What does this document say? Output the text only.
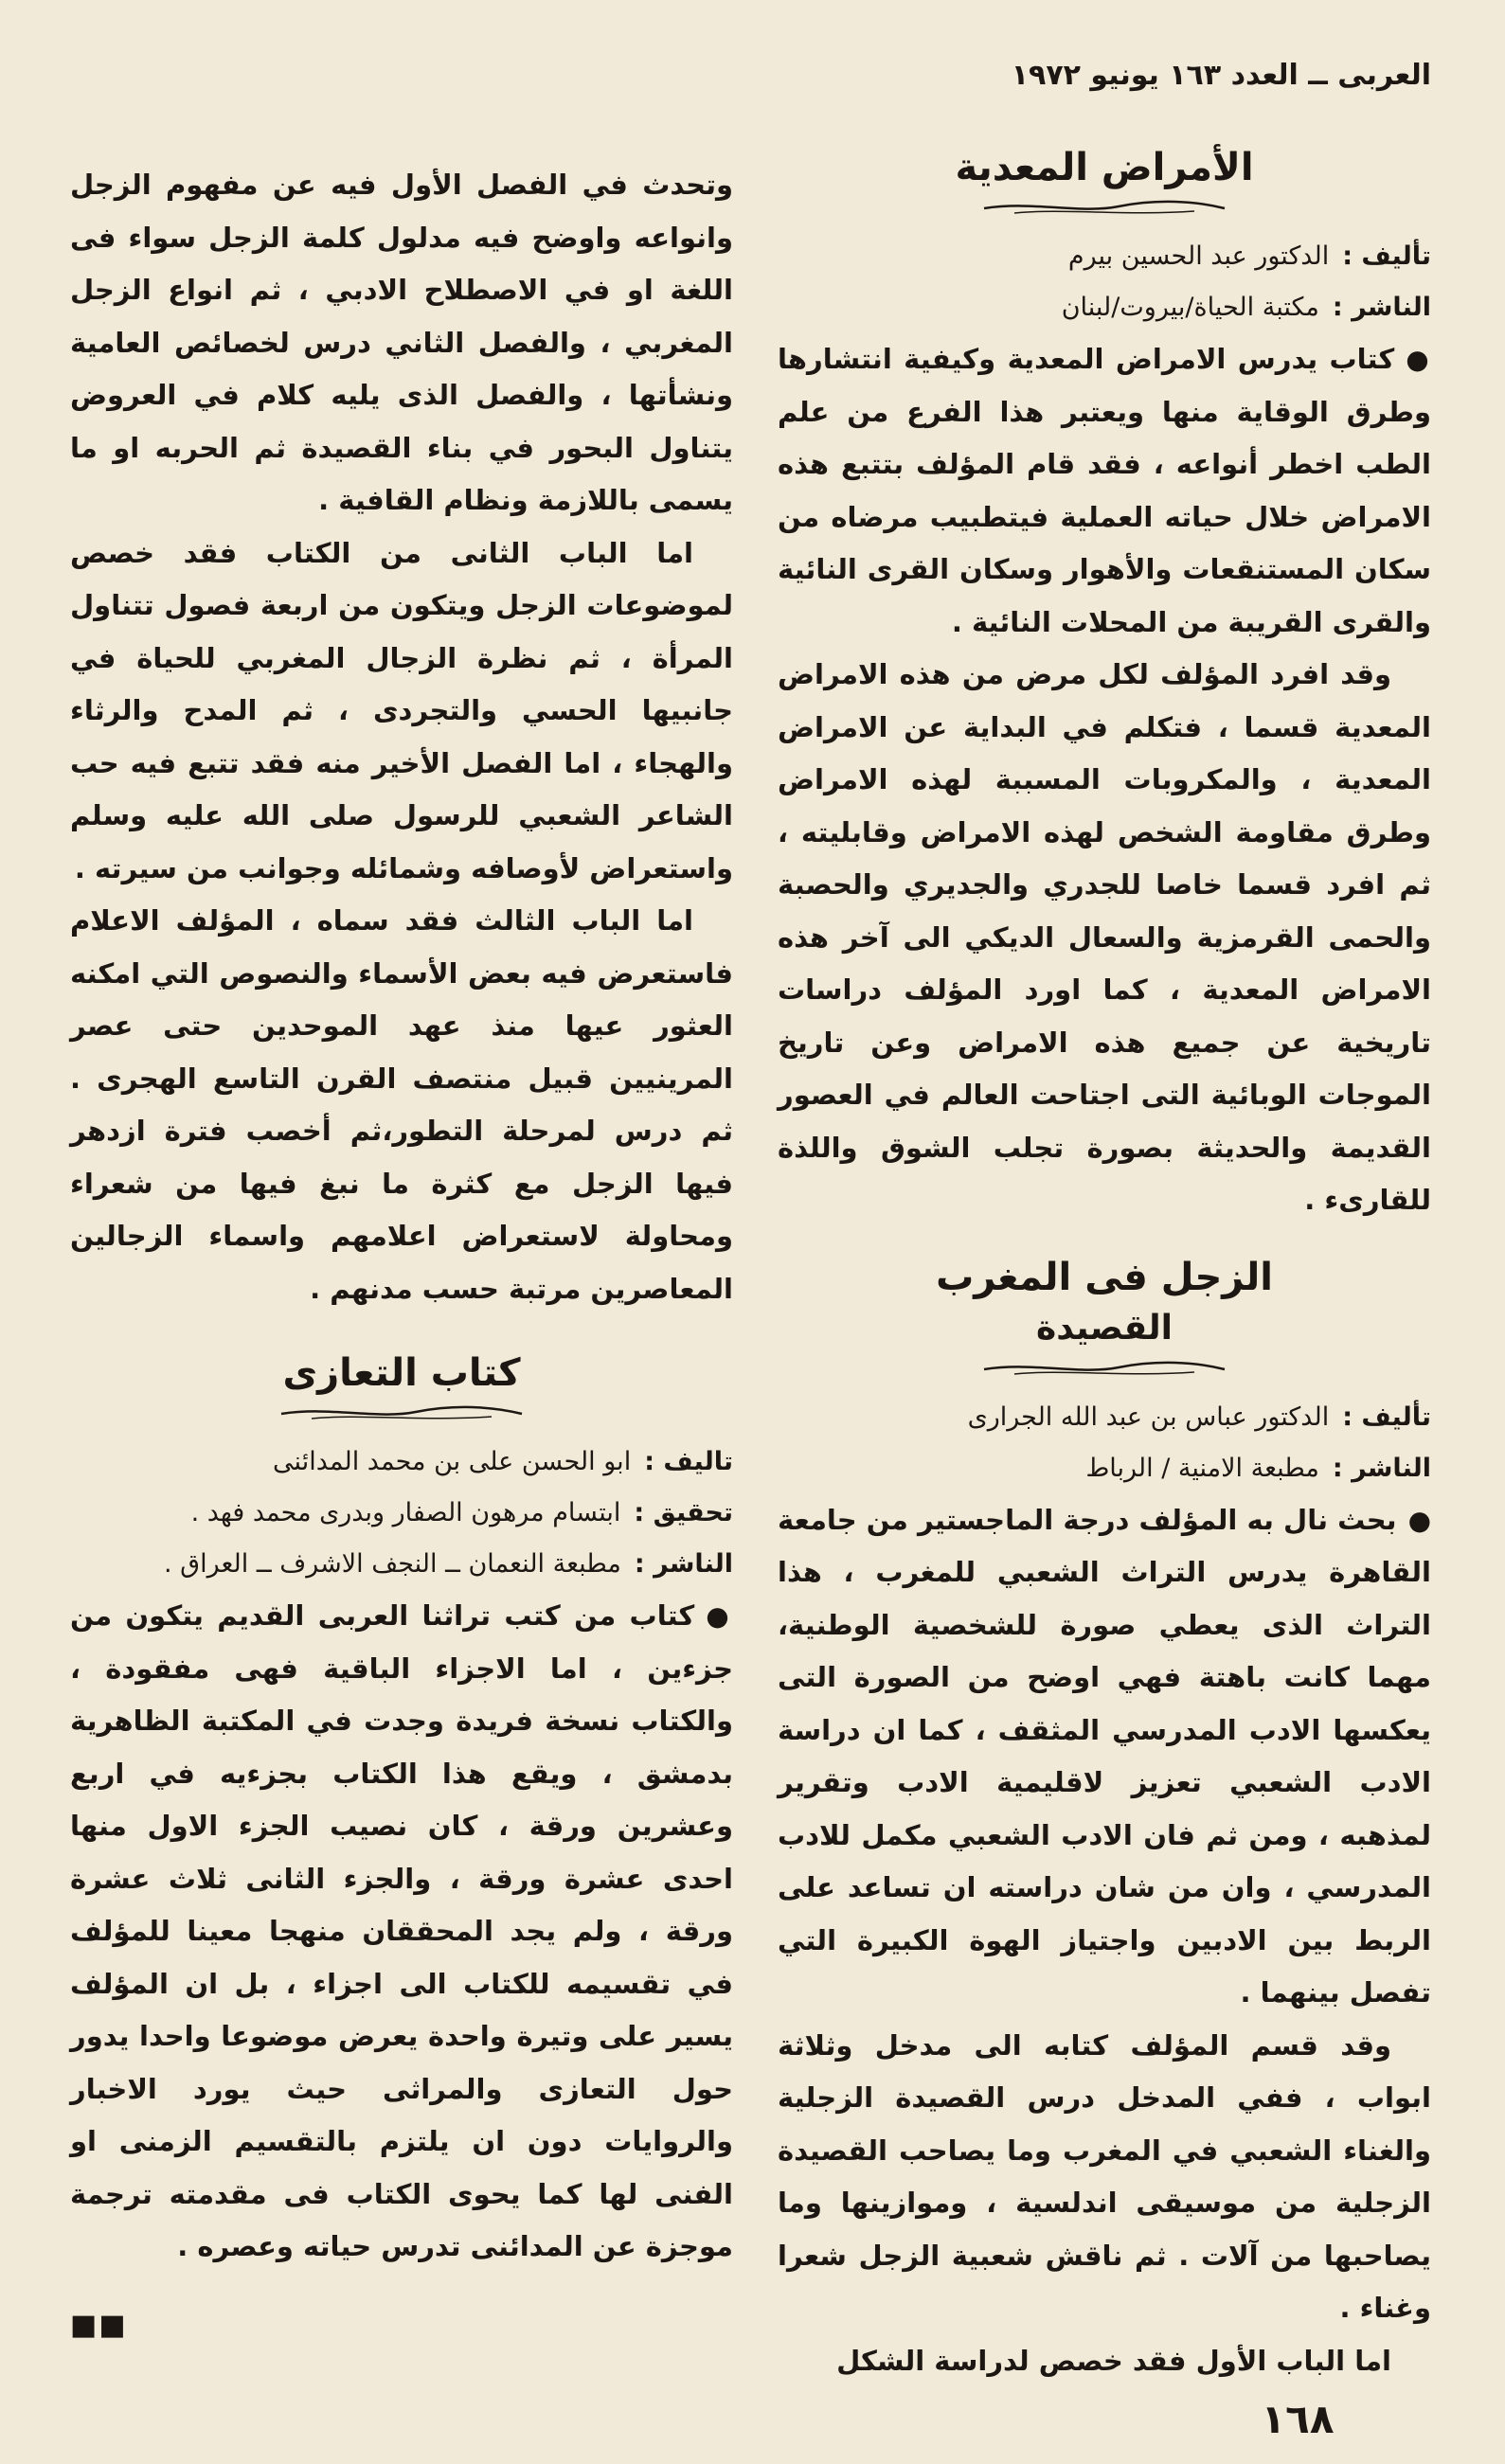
العربى ــ العدد ١٦٣ يونيو ١٩٧٢
الأمراض المعدية

تأليف :الدكتور عبد الحسين بيرم

الناشر :مكتبة الحياة/بيروت/لبنان

●كتاب يدرس الامراض المعدية وكيفية انتشارها وطرق الوقاية منها ويعتبر هذا الفرع من علم الطب اخطر أنواعه ، فقد قام المؤلف بتتبع هذه الامراض خلال حياته العملية فيتطبيب مرضاه من سكان المستنقعات والأهوار وسكان القرى النائية والقرى القريبة من المحلات النائية .

وقد افرد المؤلف لكل مرض من هذه الامراض المعدية قسما ، فتكلم في البداية عن الامراض المعدية ، والمكروبات المسببة لهذه الامراض وطرق مقاومة الشخص لهذه الامراض وقابليته ، ثم افرد قسما خاصا للجدري والجديري والحصبة والحمى القرمزية والسعال الديكي الى آخر هذه الامراض المعدية ، كما اورد المؤلف دراسات تاريخية عن جميع هذه الامراض وعن تاريخ الموجات الوبائية التى اجتاحت العالم في العصور القديمة والحديثة بصورة تجلب الشوق واللذة للقارىء .

الزجل فى المغرب
القصيدة

تأليف :الدكتور عباس بن عبد الله الجرارى

الناشر :مطبعة الامنية / الرباط

●بحث نال به المؤلف درجة الماجستير من جامعة القاهرة يدرس التراث الشعبي للمغرب ، هذا التراث الذى يعطي صورة للشخصية الوطنية، مهما كانت باهتة فهي اوضح من الصورة التى يعكسها الادب المدرسي المثقف ، كما ان دراسة الادب الشعبي تعزيز لاقليمية الادب وتقرير لمذهبه ، ومن ثم فان الادب الشعبي مكمل للادب المدرسي ، وان من شان دراسته ان تساعد على الربط بين الادبين واجتياز الهوة الكبيرة التي تفصل بينهما .

وقد قسم المؤلف كتابه الى مدخل وثلاثة ابواب ، ففي المدخل درس القصيدة الزجلية والغناء الشعبي في المغرب وما يصاحب القصيدة الزجلية من موسيقى اندلسية ، وموازينها وما يصاحبها من آلات . ثم ناقش شعبية الزجل شعرا وغناء .

اما الباب الأول فقد خصص لدراسة الشكل

وتحدث في الفصل الأول فيه عن مفهوم الزجل وانواعه واوضح فيه مدلول كلمة الزجل سواء فى اللغة او في الاصطلاح الادبي ، ثم انواع الزجل المغربي ، والفصل الثاني درس لخصائص العامية ونشأتها ، والفصل الذى يليه كلام في العروض يتناول البحور في بناء القصيدة ثم الحربه او ما يسمى باللازمة ونظام القافية .

اما الباب الثانى من الكتاب فقد خصص لموضوعات الزجل ويتكون من اربعة فصول تتناول المرأة ، ثم نظرة الزجال المغربي للحياة في جانبيها الحسي والتجردى ، ثم المدح والرثاء والهجاء ، اما الفصل الأخير منه فقد تتبع فيه حب الشاعر الشعبي للرسول صلى الله عليه وسلم واستعراض لأوصافه وشمائله وجوانب من سيرته .

اما الباب الثالث فقد سماه ، المؤلف الاعلام فاستعرض فيه بعض الأسماء والنصوص التي امكنه العثور عيها منذ عهد الموحدين حتى عصر المرينيين قبيل منتصف القرن التاسع الهجرى . ثم درس لمرحلة التطور،ثم أخصب فترة ازدهر فيها الزجل مع كثرة ما نبغ فيها من شعراء ومحاولة لاستعراض اعلامهم واسماء الزجالين المعاصرين مرتبة حسب مدنهم .

كتاب التعازى

تاليف :ابو الحسن على بن محمد المدائنى

تحقيق :ابتسام مرهون الصفار وبدرى محمد فهد .

الناشر :مطبعة النعمان ــ النجف الاشرف ــ العراق .

●كتاب من كتب تراثنا العربى القديم يتكون من جزءين ، اما الاجزاء الباقية فهى مفقودة ، والكتاب نسخة فريدة وجدت في المكتبة الظاهرية بدمشق ، ويقع هذا الكتاب بجزءيه في اربع وعشرين ورقة ، كان نصيب الجزء الاول منها احدى عشرة ورقة ، والجزء الثانى ثلاث عشرة ورقة ، ولم يجد المحققان منهجا معينا للمؤلف في تقسيمه للكتاب الى اجزاء ، بل ان المؤلف يسير على وتيرة واحدة يعرض موضوعا واحدا يدور حول التعازى والمراثى حيث يورد الاخبار والروايات دون ان يلتزم بالتقسيم الزمنى او الفنى لها كما يحوى الكتاب فى مقدمته ترجمة موجزة عن المدائنى تدرس حياته وعصره .

■■
١٦٨
